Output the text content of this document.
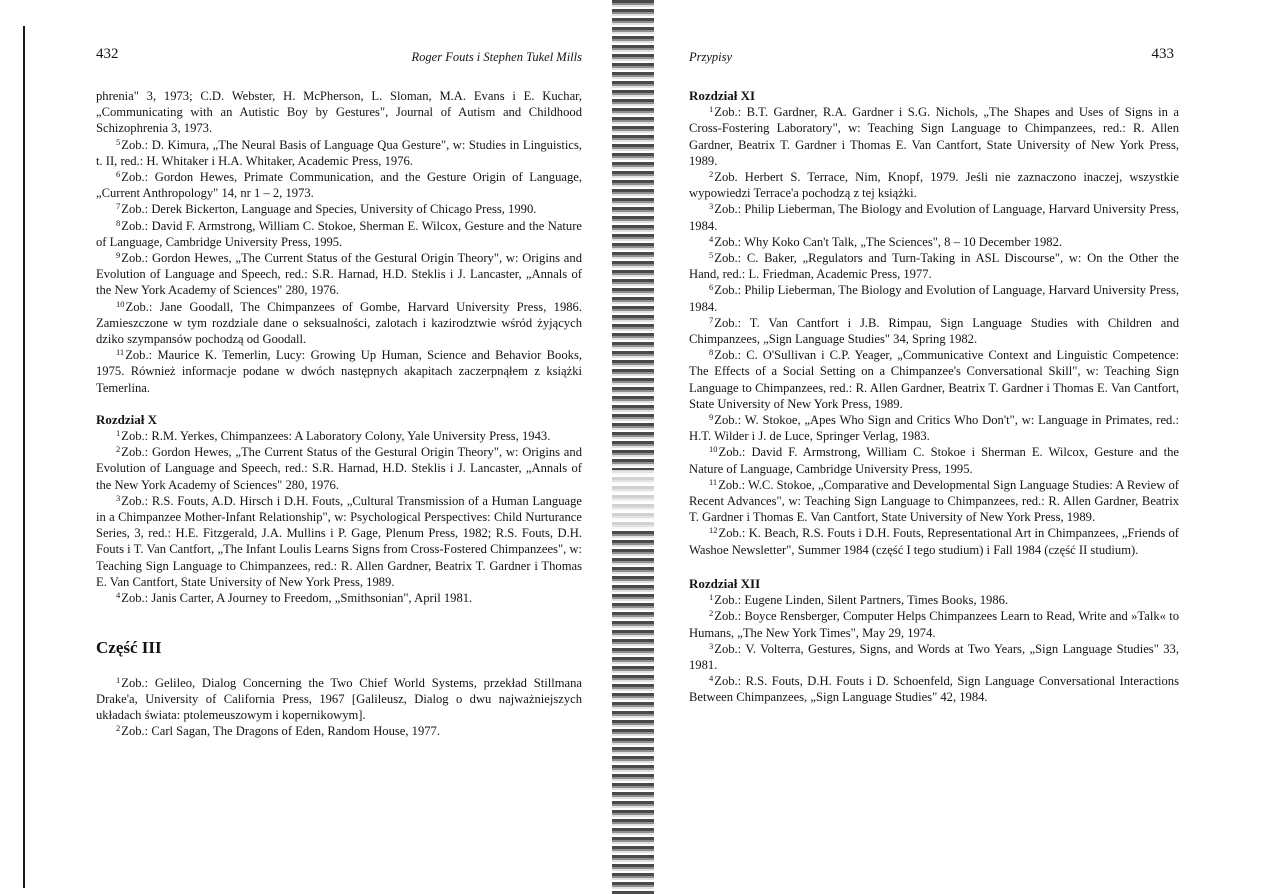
432	Roger Fouts i Stephen Tukel Mills

phrenia" 3, 1973; C.D. Webster, H. McPherson, L. Sloman, M.A. Evans i E. Kuchar, „Communicating with an Autistic Boy by Gestures", Journal of Autism and Childhood Schizophrenia 3, 1973.

$^5$Zob.: D. Kimura, „The Neural Basis of Language Qua Gesture", w: Studies in Linguistics, t. II, red.: H. Whitaker i H.A. Whitaker, Academic Press, 1976.

$^6$Zob.: Gordon Hewes, Primate Communication, and the Gesture Origin of Language, „Current Anthropology" 14, nr 1 – 2, 1973.

$^7$Zob.: Derek Bickerton, Language and Species, University of Chicago Press, 1990.

$^8$Zob.: David F. Armstrong, William C. Stokoe, Sherman E. Wilcox, Gesture and the Nature of Language, Cambridge University Press, 1995.

$^9$Zob.: Gordon Hewes, „The Current Status of the Gestural Origin Theory", w: Origins and Evolution of Language and Speech, red.: S.R. Harnad, H.D. Steklis i J. Lancaster, „Annals of the New York Academy of Sciences" 280, 1976.

$^{10}$Zob.: Jane Goodall, The Chimpanzees of Gombe, Harvard University Press, 1986. Zamieszczone w tym rozdziale dane o seksualności, zalotach i kazirodztwie wśród żyjących dziko szympansów pochodzą od Goodall.

$^{11}$Zob.: Maurice K. Temerlin, Lucy: Growing Up Human, Science and Behavior Books, 1975. Również informacje podane w dwóch następnych akapitach zaczerpnąłem z książki Temerlina.

Rozdział X

$^1$Zob.: R.M. Yerkes, Chimpanzees: A Laboratory Colony, Yale University Press, 1943.

$^2$Zob.: Gordon Hewes, „The Current Status of the Gestural Origin Theory", w: Origins and Evolution of Language and Speech, red.: S.R. Harnad, H.D. Steklis i J. Lancaster, „Annals of the New York Academy of Sciences" 280, 1976.

$^3$Zob.: R.S. Fouts, A.D. Hirsch i D.H. Fouts, „Cultural Transmission of a Human Language in a Chimpanzee Mother-Infant Relationship", w: Psychological Perspectives: Child Nurturance Series, 3, red.: H.E. Fitzgerald, J.A. Mullins i P. Gage, Plenum Press, 1982; R.S. Fouts, D.H. Fouts i T. Van Cantfort, „The Infant Loulis Learns Signs from Cross-Fostered Chimpanzees", w: Teaching Sign Language to Chimpanzees, red.: R. Allen Gardner, Beatrix T. Gardner i Thomas E. Van Cantfort, State University of New York Press, 1989.

$^4$Zob.: Janis Carter, A Journey to Freedom, „Smithsonian", April 1981.

Część III

$^1$Zob.: Gelileo, Dialog Concerning the Two Chief World Systems, przekład Stillmana Drake'a, University of California Press, 1967 [Galileusz, Dialog o dwu najważniejszych układach świata: ptolemeuszowym i kopernikowym].

$^2$Zob.: Carl Sagan, The Dragons of Eden, Random House, 1977.

Przypisy	433
Rozdział XI

$^1$Zob.: B.T. Gardner, R.A. Gardner i S.G. Nichols, „The Shapes and Uses of Signs in a Cross-Fostering Laboratory", w: Teaching Sign Language to Chimpanzees, red.: R. Allen Gardner, Beatrix T. Gardner i Thomas E. Van Cantfort, State University of New York Press, 1989.

$^2$Zob. Herbert S. Terrace, Nim, Knopf, 1979. Jeśli nie zaznaczono inaczej, wszystkie wypowiedzi Terrace'a pochodzą z tej książki.

$^3$Zob.: Philip Lieberman, The Biology and Evolution of Language, Harvard University Press, 1984.

$^4$Zob.: Why Koko Can't Talk, „The Sciences", 8 – 10 December 1982.

$^5$Zob.: C. Baker, „Regulators and Turn-Taking in ASL Discourse", w: On the Other the Hand, red.: L. Friedman, Academic Press, 1977.

$^6$Zob.: Philip Lieberman, The Biology and Evolution of Language, Harvard University Press, 1984.

$^7$Zob.: T. Van Cantfort i J.B. Rimpau, Sign Language Studies with Children and Chimpanzees, „Sign Language Studies" 34, Spring 1982.

$^8$Zob.: C. O'Sullivan i C.P. Yeager, „Communicative Context and Linguistic Competence: The Effects of a Social Setting on a Chimpanzee's Conversational Skill", w: Teaching Sign Language to Chimpanzees, red.: R. Allen Gardner, Beatrix T. Gardner i Thomas E. Van Cantfort, State University of New York Press, 1989.

$^9$Zob.: W. Stokoe, „Apes Who Sign and Critics Who Don't", w: Language in Primates, red.: H.T. Wilder i J. de Luce, Springer Verlag, 1983.

$^{10}$Zob.: David F. Armstrong, William C. Stokoe i Sherman E. Wilcox, Gesture and the Nature of Language, Cambridge University Press, 1995.

$^{11}$Zob.: W.C. Stokoe, „Comparative and Developmental Sign Language Studies: A Review of Recent Advances", w: Teaching Sign Language to Chimpanzees, red.: R. Allen Gardner, Beatrix T. Gardner i Thomas E. Van Cantfort, State University of New York Press, 1989.

$^{12}$Zob.: K. Beach, R.S. Fouts i D.H. Fouts, Representational Art in Chimpanzees, „Friends of Washoe Newsletter", Summer 1984 (część I tego studium) i Fall 1984 (część II studium).

Rozdział XII

$^1$Zob.: Eugene Linden, Silent Partners, Times Books, 1986.

$^2$Zob.: Boyce Rensberger, Computer Helps Chimpanzees Learn to Read, Write and »Talk« to Humans, „The New York Times", May 29, 1974.

$^3$Zob.: V. Volterra, Gestures, Signs, and Words at Two Years, „Sign Language Studies" 33, 1981.

$^4$Zob.: R.S. Fouts, D.H. Fouts i D. Schoenfeld, Sign Language Conversational Interactions Between Chimpanzees, „Sign Language Studies" 42, 1984.
